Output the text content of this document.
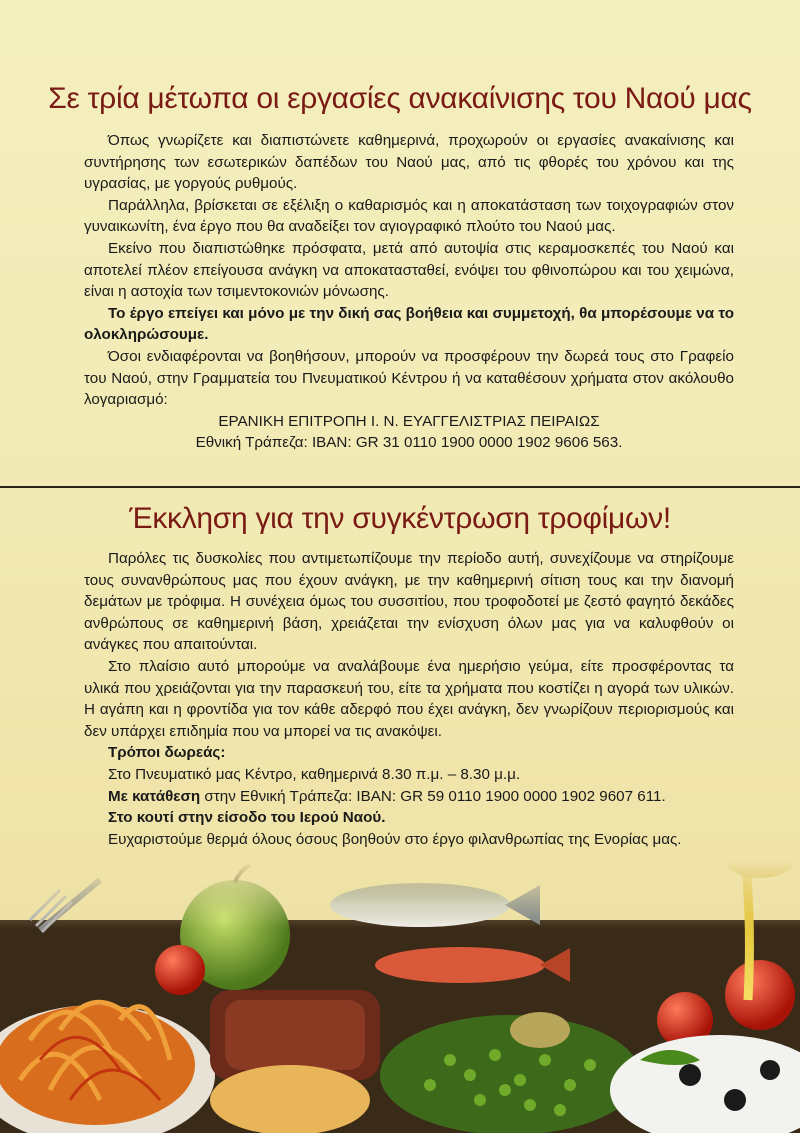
Σε τρία μέτωπα οι εργασίες ανακαίνισης του Ναού μας

Όπως γνωρίζετε και διαπιστώνετε καθημερινά, προχωρούν οι εργασίες ανακαίνισης και συντήρησης των εσωτερικών δαπέδων του Ναού μας, από τις φθορές του χρόνου και της υγρασίας, με γοργούς ρυθμούς.

Παράλληλα, βρίσκεται σε εξέλιξη ο καθαρισμός και η αποκατάσταση των τοιχογραφιών στον γυναικωνίτη, ένα έργο που θα αναδείξει τον αγιογραφικό πλούτο του Ναού μας.

Εκείνο που διαπιστώθηκε πρόσφατα, μετά από αυτοψία στις κεραμοσκεπές του Ναού και αποτελεί πλέον επείγουσα ανάγκη να αποκατασταθεί, ενόψει του φθινοπώρου και του χειμώνα, είναι η αστοχία των τσιμεντοκονιών μόνωσης.

Το έργο επείγει και μόνο με την δική σας βοήθεια και συμμετοχή, θα μπορέσουμε να το ολοκληρώσουμε.

Όσοι ενδιαφέρονται να βοηθήσουν, μπορούν να προσφέρουν την δωρεά τους στο Γραφείο του Ναού, στην Γραμματεία του Πνευματικού Κέντρου ή να καταθέσουν χρήματα στον ακόλουθο λογαριασμό:

ΕΡΑΝΙΚΗ ΕΠΙΤΡΟΠΗ Ι. Ν. ΕΥΑΓΓΕΛΙΣΤΡΙΑΣ ΠΕΙΡΑΙΩΣ

Εθνική Τράπεζα: IBAN: GR 31 0110 1900 0000 1902 9606 563.

Έκκληση για την συγκέντρωση τροφίμων!

Παρόλες τις δυσκολίες που αντιμετωπίζουμε την περίοδο αυτή, συνεχίζουμε να στηρίζουμε τους συνανθρώπους μας που έχουν ανάγκη, με την καθημερινή σίτιση τους και την διανομή δεμάτων με τρόφιμα. Η συνέχεια όμως του συσσιτίου, που τροφοδοτεί με ζεστό φαγητό δεκάδες ανθρώπους σε καθημερινή βάση, χρειάζεται την ενίσχυση όλων μας για να καλυφθούν οι ανάγκες που απαιτούνται.

Στο πλαίσιο αυτό μπορούμε να αναλάβουμε ένα ημερήσιο γεύμα, είτε προσφέροντας τα υλικά που χρειάζονται για την παρασκευή του, είτε τα χρήματα που κοστίζει η αγορά των υλικών. Η αγάπη και η φροντίδα για τον κάθε αδερφό που έχει ανάγκη, δεν γνωρίζουν περιορισμούς και δεν υπάρχει επιδημία που να μπορεί να τις ανακόψει.

Τρόποι δωρεάς:

Στο Πνευματικό μας Κέντρο, καθημερινά 8.30 π.μ. – 8.30 μ.μ.

Με κατάθεση στην Εθνική Τράπεζα: IBAN: GR 59 0110 1900 0000 1902 9607 611.

Στο κουτί στην είσοδο του Ιερού Ναού.

Ευχαριστούμε θερμά όλους όσους βοηθούν στο έργο φιλανθρωπίας της Ενορίας μας.
